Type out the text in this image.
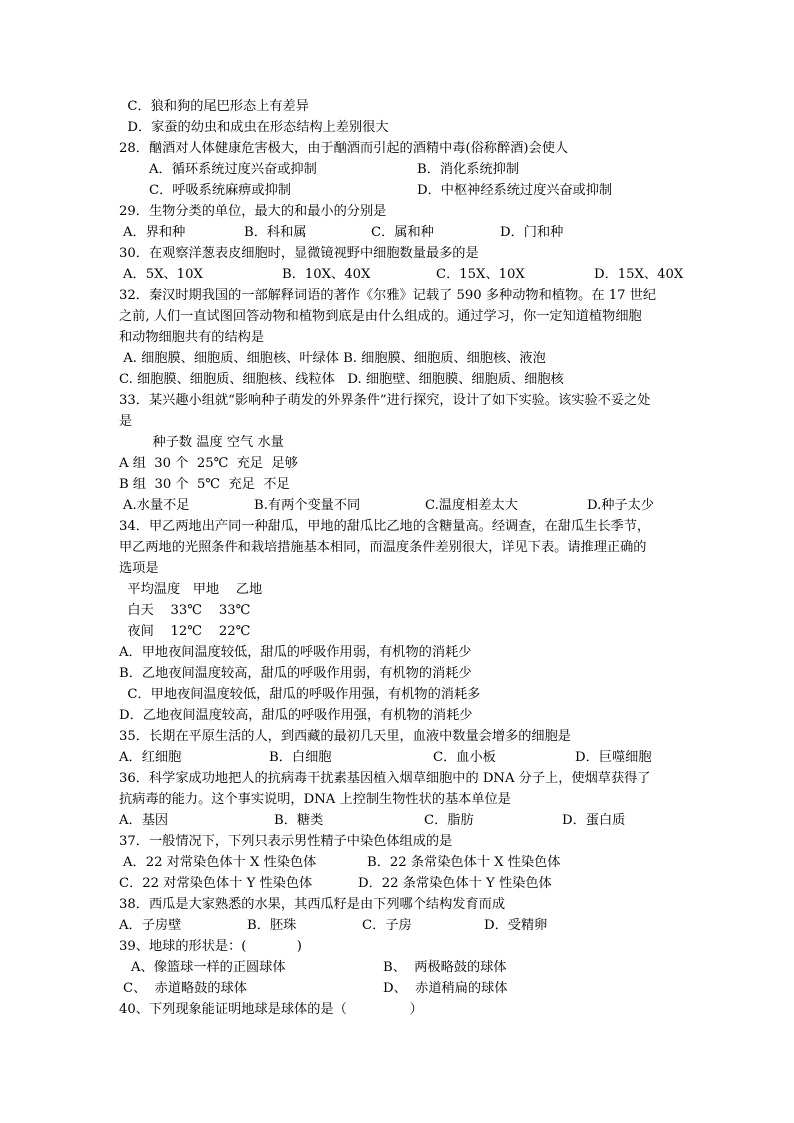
C．狼和狗的尾巴形态上有差异
D．家蚕的幼虫和成虫在形态结构上差别很大
28．酗酒对人体健康危害极大，由于酗酒而引起的酒精中毒(俗称醉酒)会使人
A．循环系统过度兴奋或抑制	B．消化系统抑制
C．呼吸系统麻痹或抑制	D．中枢神经系统过度兴奋或抑制
29．生物分类的单位，最大的和最小的分别是
A．界和种	B．科和属	C．属和种	D．门和种
30．在观察洋葱表皮细胞时，显微镜视野中细胞数量最多的是
A．5X、10X	B．10X、40X	C．15X、10X	D．15X、40X
32．秦汉时期我国的一部解释词语的著作《尔雅》记载了 590 多种动物和植物。在 17 世纪
之前, 人们一直试图回答动物和植物到底是由什么组成的。通过学习，你一定知道植物细胞
和动物细胞共有的结构是
A. 细胞膜、细胞质、细胞核、叶绿体 B. 细胞膜、细胞质、细胞核、液泡
C. 细胞膜、细胞质、细胞核、线粒体   D. 细胞壁、细胞膜、细胞质、细胞核
33．某兴趣小组就“影响种子萌发的外界条件”进行探究，设计了如下实验。该实验不妥之处
是
种子数 温度 空气 水量
A 组  30 个  25℃  充足  足够
B 组  30 个  5℃  充足  不足
A.水量不足	B.有两个变量不同	C.温度相差太大	D.种子太少
34．甲乙两地出产同一种甜瓜，甲地的甜瓜比乙地的含糖量高。经调查，在甜瓜生长季节，
甲乙两地的光照条件和栽培措施基本相同，而温度条件差别很大，详见下表。请推理正确的
选项是
平均温度   甲地    乙地
白天    33℃    33℃
夜间    12℃    22℃
A．甲地夜间温度较低，甜瓜的呼吸作用弱，有机物的消耗少
B．乙地夜间温度较高，甜瓜的呼吸作用弱，有机物的消耗少
C．甲地夜间温度较低，甜瓜的呼吸作用强，有机物的消耗多
D．乙地夜间温度较高，甜瓜的呼吸作用强，有机物的消耗少
35．长期在平原生活的人，到西藏的最初几天里，血液中数量会增多的细胞是
A．红细胞	B．白细胞	C．血小板	D．巨噬细胞
36．科学家成功地把人的抗病毒干扰素基因植入烟草细胞中的 DNA 分子上，使烟草获得了
抗病毒的能力。这个事实说明，DNA 上控制生物性状的基本单位是
A．基因	B．糖类	C．脂肪	D．蛋白质
37．一般情况下，下列只表示男性精子中染色体组成的是
A．22 对常染色体十 X 性染色体	B．22 条常染色体十 X 性染色体
C．22 对常染色体十 Y 性染色体	D．22 条常染色体十 Y 性染色体
38．西瓜是大家熟悉的水果，其西瓜籽是由下列哪个结构发育而成
A．子房壁	B．胚珠	C．子房	D．受精卵
39、地球的形状是：(            )
A、像篮球一样的正圆球体	B、  两极略鼓的球体
C、  赤道略鼓的球体	D、  赤道稍扁的球体
40、下列现象能证明地球是球体的是（               ）
